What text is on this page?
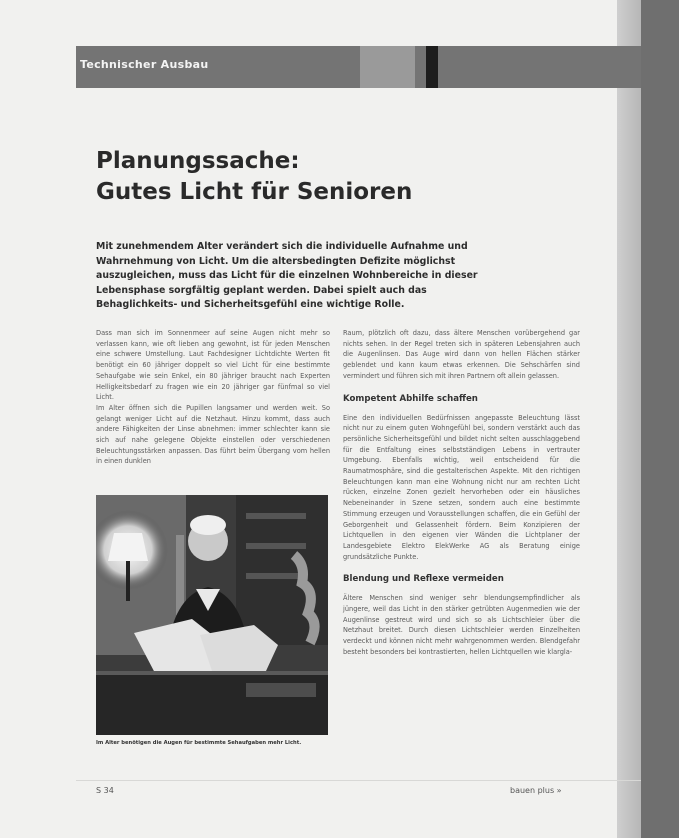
Technischer Ausbau
Planungssache:
Gutes Licht für Senioren
Mit zunehmendem Alter verändert sich die individuelle Aufnahme und Wahrnehmung von Licht. Um die altersbedingten Defizite möglichst auszugleichen, muss das Licht für die einzelnen Wohnbereiche in dieser Lebensphase sorgfältig geplant werden. Dabei spielt auch das Behaglichkeits- und Sicherheitsgefühl eine wichtige Rolle.

Dass man sich im Sonnenmeer auf seine Augen nicht mehr so verlassen kann, wie oft lieben ang gewohnt, ist für jeden Menschen eine schwere Umstellung. Laut Fachdesigner Lichtdichte Werten fit benötigt ein 60 jähriger doppelt so viel Licht für eine bestimmte Sehaufgabe wie sein Enkel, ein 80 jähriger braucht nach Experten Helligkeitsbedarf zu fragen wie ein 20 jähriger gar fünfmal so viel Licht.

Im Alter öffnen sich die Pupillen langsamer und werden weit. So gelangt weniger Licht auf die Netzhaut. Hinzu kommt, dass auch andere Fähigkeiten der Linse abnehmen: immer schlechter kann sie sich auf nahe gelegene Objekte einstellen oder verschiedenen Beleuchtungsstärken anpassen. Das führt beim Übergang vom hellen in einen dunklen

Im Alter benötigen die Augen für bestimmte Sehaufgaben mehr Licht.

Raum, plötzlich oft dazu, dass ältere Menschen vorübergehend gar nichts sehen. In der Regel treten sich in späteren Lebensjahren auch die Augenlinsen. Das Auge wird dann von hellen Flächen stärker geblendet und kann kaum etwas erkennen. Die Sehschärfen sind vermindert und führen sich mit ihren Partnern oft allein gelassen.

Kompetent Abhilfe schaffen

Eine den individuellen Bedürfnissen angepasste Beleuchtung lässt nicht nur zu einem guten Wohngefühl bei, sondern verstärkt auch das persönliche Sicherheitsgefühl und bildet nicht selten ausschlaggebend für die Entfaltung eines selbstständigen Lebens in vertrauter Umgebung. Ebenfalls wichtig, weil entscheidend für die Raumatmosphäre, sind die gestalterischen Aspekte. Mit den richtigen Beleuchtungen kann man eine Wohnung nicht nur am rechten Licht rücken, einzelne Zonen gezielt hervorheben oder ein häusliches Nebeneinander in Szene setzen, sondern auch eine bestimmte Stimmung erzeugen und Vorausstellungen schaffen, die ein Gefühl der Geborgenheit und Gelassenheit fördern. Beim Konzipieren der Lichtquellen in den eigenen vier Wänden die Lichtplaner der Landesgebiete Elektro ElekWerke AG als Beratung einige grundsätzliche Punkte.

Blendung und Reflexe vermeiden

Ältere Menschen sind weniger sehr blendungsempfindlicher als jüngere, weil das Licht in den stärker getrübten Augenmedien wie der Augenlinse gestreut wird und sich so als Lichtschleier über die Netzhaut breitet. Durch diesen Lichtschleier werden Einzelheiten verdeckt und können nicht mehr wahrgenommen werden. Blendgefahr besteht besonders bei kontrastierten, hellen Lichtquellen wie klargla-

S 34	bauen plus »
